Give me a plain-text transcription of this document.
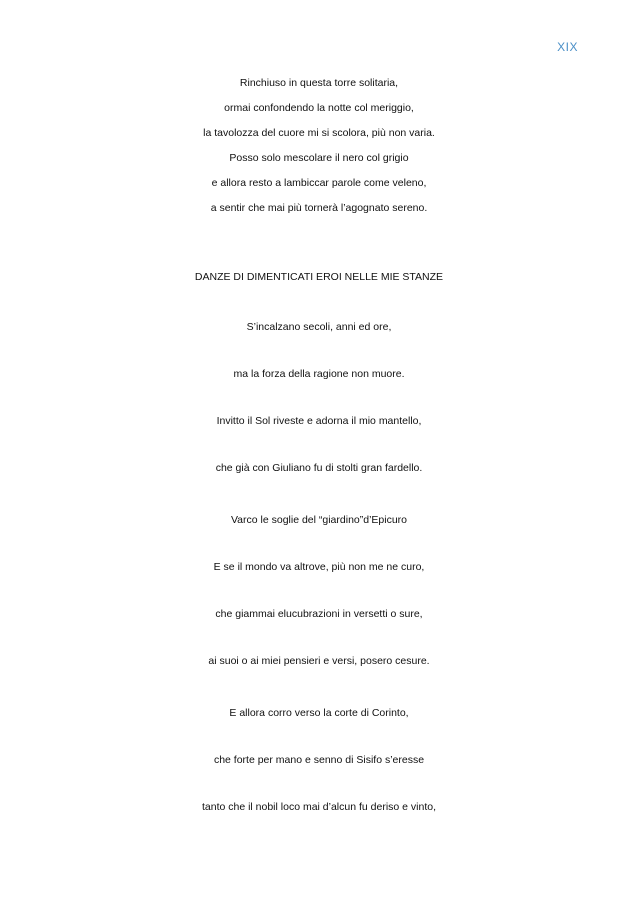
XIX
Rinchiuso in questa torre solitaria,
ormai confondendo la notte col meriggio,
la tavolozza del cuore mi si scolora, più non varia.
Posso solo mescolare il nero col grigio
e allora resto a lambiccar parole come veleno,
a sentir che mai più tornerà l’agognato sereno.
DANZE DI DIMENTICATI EROI NELLE MIE STANZE
S’incalzano secoli, anni ed ore,
ma la forza della ragione non muore.
Invitto il Sol riveste e adorna il mio mantello,
che già con Giuliano fu di stolti gran fardello.
Varco le soglie del “giardino”d’Epicuro
E se il mondo va altrove, più non me ne curo,
che giammai elucubrazioni in versetti o sure,
ai suoi o ai miei pensieri e versi, posero cesure.
E allora corro verso la corte di Corinto,
che forte per mano e senno di Sisifo s’eresse
tanto che il nobil loco mai d’alcun fu deriso e vinto,
